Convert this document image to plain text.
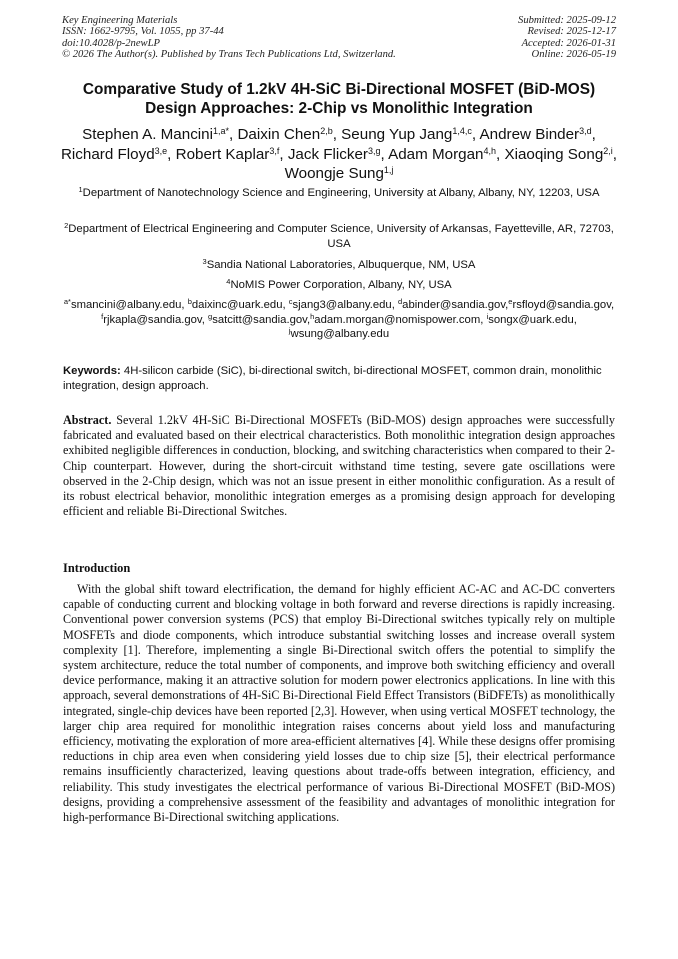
Key Engineering Materials
ISSN: 1662-9795, Vol. 1055, pp 37-44
doi:10.4028/p-2newLP
© 2026 The Author(s). Published by Trans Tech Publications Ltd, Switzerland.
Submitted: 2025-09-12
Revised: 2025-12-17
Accepted: 2026-01-31
Online: 2026-05-19
Comparative Study of 1.2kV 4H-SiC Bi-Directional MOSFET (BiD-MOS)
Design Approaches: 2-Chip vs Monolithic Integration
Stephen A. Mancini$^{1,a*}$, Daixin Chen$^{2,b}$, Seung Yup Jang$^{1,4,c}$, Andrew Binder$^{3,d}$, Richard Floyd$^{3,e}$, Robert Kaplar$^{3,f}$, Jack Flicker$^{3,g}$, Adam Morgan$^{4,h}$, Xiaoqing Song$^{2,i}$, Woongje Sung$^{1,j}$
$^1$Department of Nanotechnology Science and Engineering, University at Albany, Albany, NY, 12203, USA
$^2$Department of Electrical Engineering and Computer Science, University of Arkansas, Fayetteville, AR, 72703, USA
$^3$Sandia National Laboratories, Albuquerque, NM, USA
$^4$NoMIS Power Corporation, Albany, NY, USA
$^{a*}$smancini@albany.edu, $^b$daixinc@uark.edu, $^c$sjang3@albany.edu, $^d$abinder@sandia.gov,$^e$rsfloyd@sandia.gov, $^f$rjkapla@sandia.gov, $^g$satcitt@sandia.gov,$^h$adam.morgan@nomispower.com, $^i$songx@uark.edu, $^j$wsung@albany.edu
Keywords: 4H-silicon carbide (SiC), bi-directional switch, bi-directional MOSFET, common drain, monolithic integration, design approach.
Abstract. Several 1.2kV 4H-SiC Bi-Directional MOSFETs (BiD-MOS) design approaches were successfully fabricated and evaluated based on their electrical characteristics. Both monolithic integration design approaches exhibited negligible differences in conduction, blocking, and switching characteristics when compared to their 2-Chip counterpart. However, during the short-circuit withstand time testing, severe gate oscillations were observed in the 2-Chip design, which was not an issue present in either monolithic configuration. As a result of its robust electrical behavior, monolithic integration emerges as a promising design approach for developing efficient and reliable Bi-Directional Switches.
Introduction
With the global shift toward electrification, the demand for highly efficient AC-AC and AC-DC converters capable of conducting current and blocking voltage in both forward and reverse directions is rapidly increasing. Conventional power conversion systems (PCS) that employ Bi-Directional switches typically rely on multiple MOSFETs and diode components, which introduce substantial switching losses and increase overall system complexity [1]. Therefore, implementing a single Bi-Directional switch offers the potential to simplify the system architecture, reduce the total number of components, and improve both switching efficiency and overall device performance, making it an attractive solution for modern power electronics applications. In line with this approach, several demonstrations of 4H-SiC Bi-Directional Field Effect Transistors (BiDFETs) as monolithically integrated, single-chip devices have been reported [2,3]. However, when using vertical MOSFET technology, the larger chip area required for monolithic integration raises concerns about yield loss and manufacturing efficiency, motivating the exploration of more area-efficient alternatives [4]. While these designs offer promising reductions in chip area even when considering yield losses due to chip size [5], their electrical performance remains insufficiently characterized, leaving questions about trade-offs between integration, efficiency, and reliability. This study investigates the electrical performance of various Bi-Directional MOSFET (BiD-MOS) designs, providing a comprehensive assessment of the feasibility and advantages of monolithic integration for high-performance Bi-Directional switching applications.
